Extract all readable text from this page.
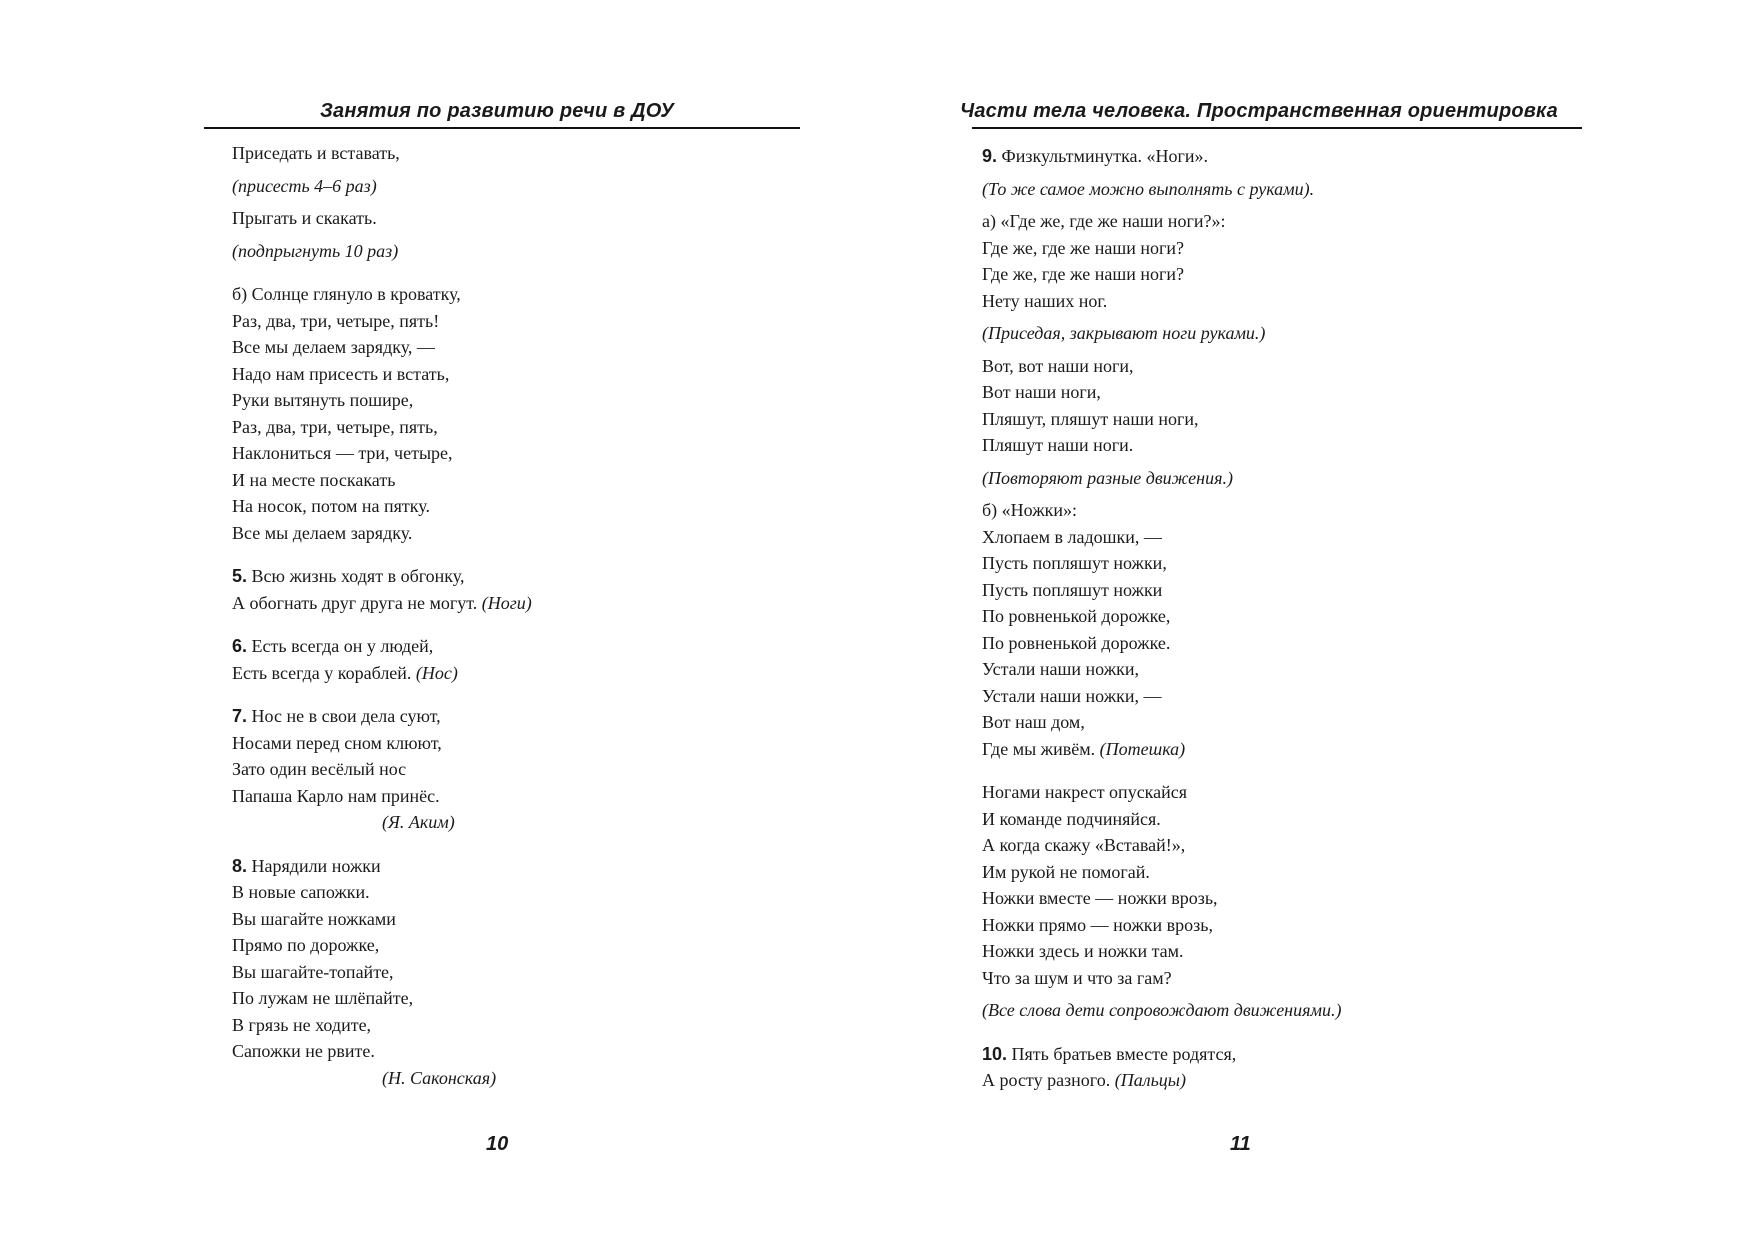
Занятия по развитию речи в ДОУ
Приседать и вставать,
(присесть 4–6 раз)
Прыгать и скакать.
(подпрыгнуть 10 раз)
б) Солнце глянуло в кроватку,
Раз, два, три, четыре, пять!
Все мы делаем зарядку, —
Надо нам присесть и встать,
Руки вытянуть пошире,
Раз, два, три, четыре, пять,
Наклониться — три, четыре,
И на месте поскакать
На носок, потом на пятку.
Все мы делаем зарядку.
5. Всю жизнь ходят в обгонку,
А обогнать друг друга не могут. (Ноги)
6. Есть всегда он у людей,
Есть всегда у кораблей. (Нос)
7. Нос не в свои дела суют,
Носами перед сном клюют,
Зато один весёлый нос
Папаша Карло нам принёс.
(Я. Аким)
8. Нарядили ножки
В новые сапожки.
Вы шагайте ножками
Прямо по дорожке,
Вы шагайте-топайте,
По лужам не шлёпайте,
В грязь не ходите,
Сапожки не рвите.
(Н. Саконская)
10
Части тела человека. Пространственная ориентировка
9. Физкультминутка. «Ноги».
(То же самое можно выполнять с руками).
а) «Где же, где же наши ноги?»:
Где же, где же наши ноги?
Где же, где же наши ноги?
Нету наших ног.
(Приседая, закрывают ноги руками.)
Вот, вот наши ноги,
Вот наши ноги,
Пляшут, пляшут наши ноги,
Пляшут наши ноги.
(Повторяют разные движения.)
б) «Ножки»:
Хлопаем в ладошки, —
Пусть попляшут ножки,
Пусть попляшут ножки
По ровненькой дорожке,
По ровненькой дорожке.
Устали наши ножки,
Устали наши ножки, —
Вот наш дом,
Где мы живём. (Потешка)
Ногами накрест опускайся
И команде подчиняйся.
А когда скажу «Вставай!»,
Им рукой не помогай.
Ножки вместе — ножки врозь,
Ножки прямо — ножки врозь,
Ножки здесь и ножки там.
Что за шум и что за гам?
(Все слова дети сопровождают движениями.)
10. Пять братьев вместе родятся,
А росту разного. (Пальцы)
11
